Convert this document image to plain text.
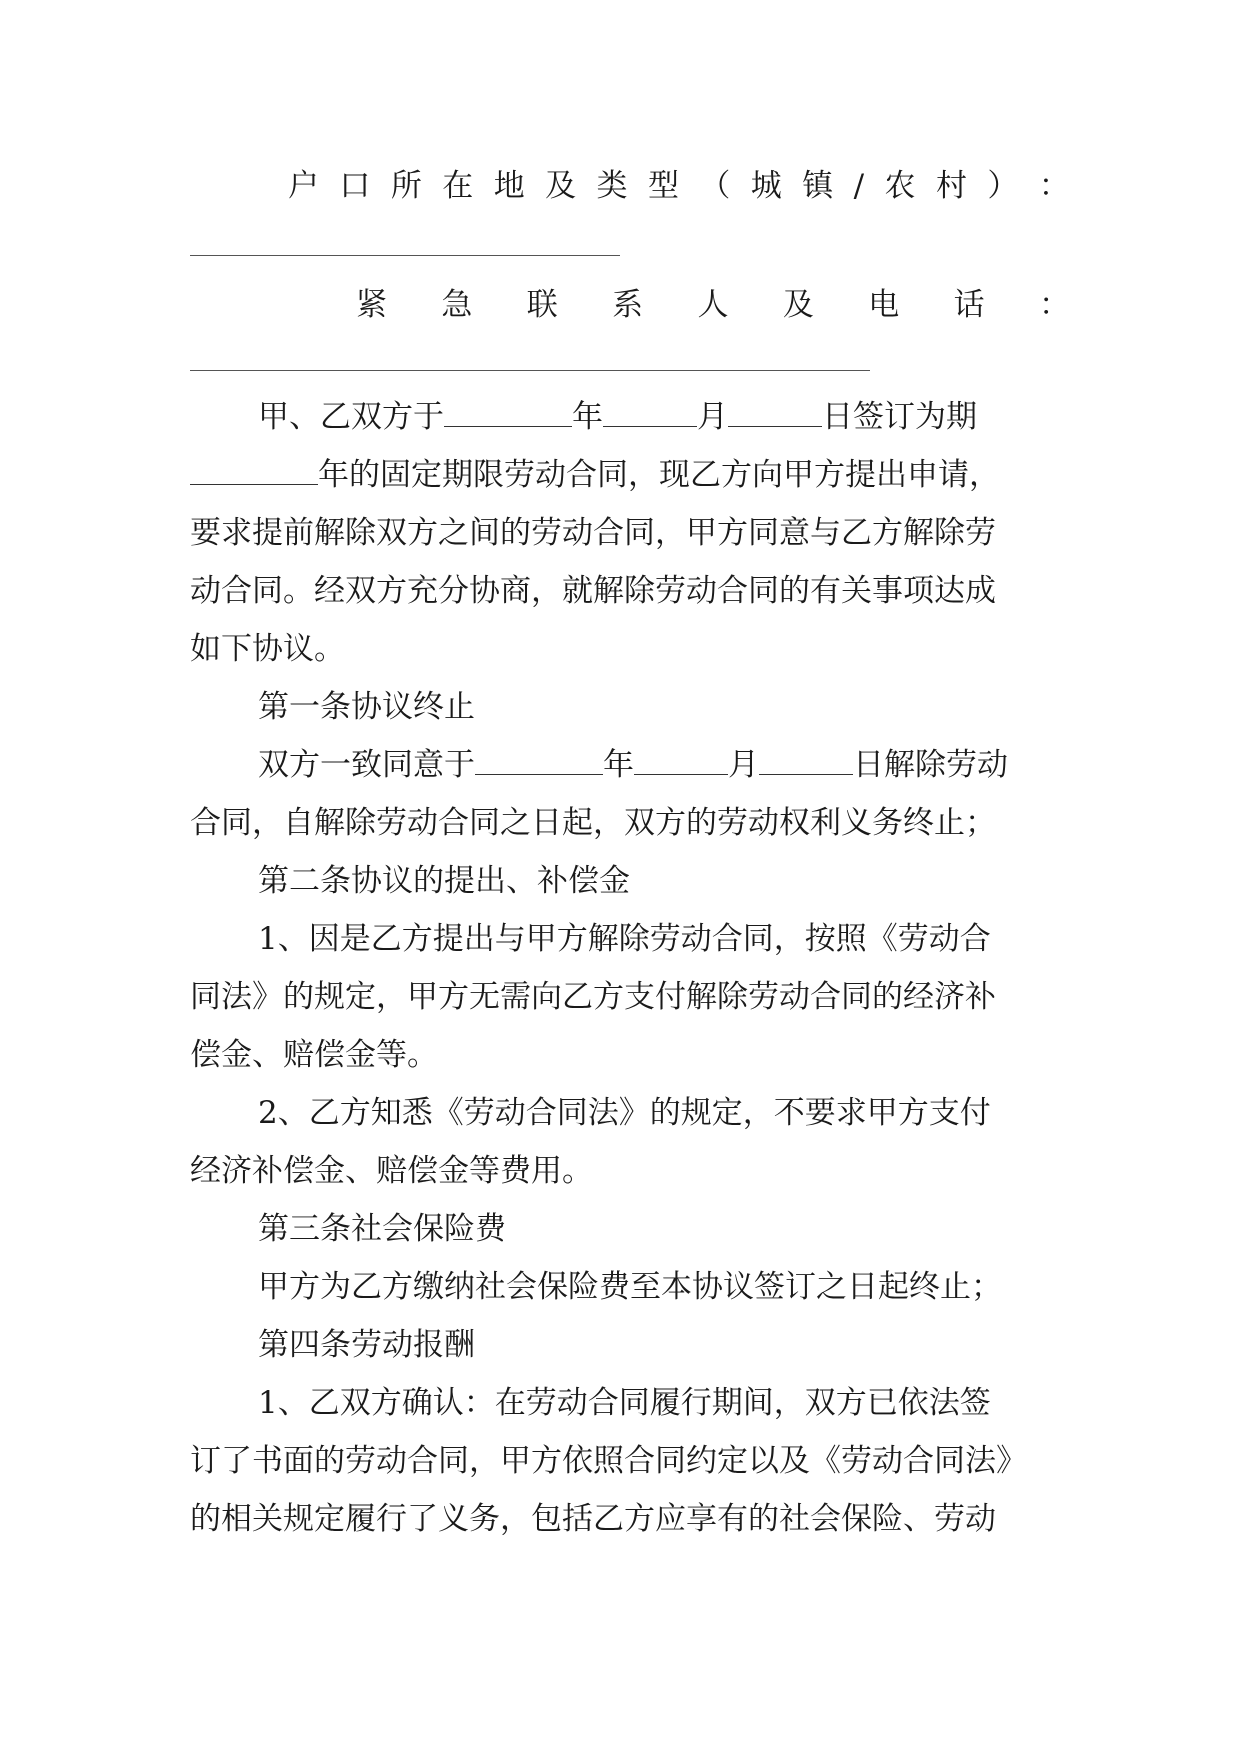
户 口 所 在 地 及 类 型 （ 城 镇 / 农 村 ） ：
紧 急 联 系 人 及 电 话 ：
甲、乙双方于	年	月	日签订为期
年的固定期限劳动合同，现乙方向甲方提出申请，
要求提前解除双方之间的劳动合同，甲方同意与乙方解除劳
动合同。经双方充分协商，就解除劳动合同的有关事项达成
如下协议。
第一条协议终止
双方一致同意于	年	月	日解除劳动
合同，自解除劳动合同之日起，双方的劳动权利义务终止；
第二条协议的提出、补偿金
1、因是乙方提出与甲方解除劳动合同，按照《劳动合
同法》的规定，甲方无需向乙方支付解除劳动合同的经济补
偿金、赔偿金等。
2、乙方知悉《劳动合同法》的规定，不要求甲方支付
经济补偿金、赔偿金等费用。
第三条社会保险费
甲方为乙方缴纳社会保险费至本协议签订之日起终止；
第四条劳动报酬
1、乙双方确认：在劳动合同履行期间，双方已依法签
订了书面的劳动合同，甲方依照合同约定以及《劳动合同法》
的相关规定履行了义务，包括乙方应享有的社会保险、劳动
